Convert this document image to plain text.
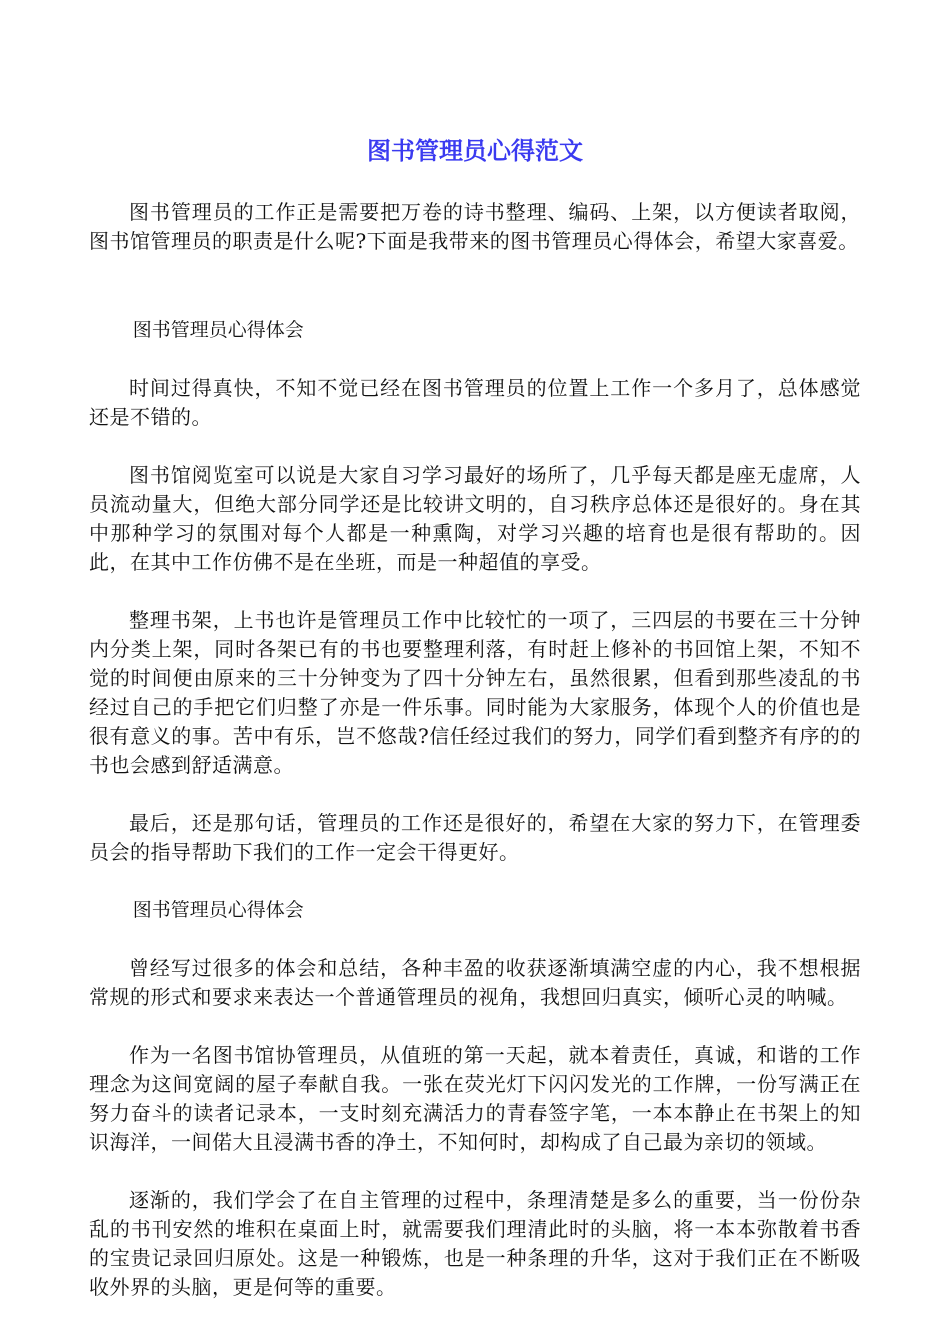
图书管理员心得范文

图书管理员的工作正是需要把万卷的诗书整理、编码、上架，以方便读者取阅，图书馆管理员的职责是什么呢?下面是我带来的图书管理员心得体会，希望大家喜爱。

图书管理员心得体会

时间过得真快，不知不觉已经在图书管理员的位置上工作一个多月了，总体感觉还是不错的。

图书馆阅览室可以说是大家自习学习最好的场所了，几乎每天都是座无虚席，人员流动量大，但绝大部分同学还是比较讲文明的，自习秩序总体还是很好的。身在其中那种学习的氛围对每个人都是一种熏陶，对学习兴趣的培育也是很有帮助的。因此，在其中工作仿佛不是在坐班，而是一种超值的享受。

整理书架，上书也许是管理员工作中比较忙的一项了，三四层的书要在三十分钟内分类上架，同时各架已有的书也要整理利落，有时赶上修补的书回馆上架，不知不觉的时间便由原来的三十分钟变为了四十分钟左右，虽然很累，但看到那些凌乱的书经过自己的手把它们归整了亦是一件乐事。同时能为大家服务，体现个人的价值也是很有意义的事。苦中有乐，岂不悠哉?信任经过我们的努力，同学们看到整齐有序的的书也会感到舒适满意。

最后，还是那句话，管理员的工作还是很好的，希望在大家的努力下，在管理委员会的指导帮助下我们的工作一定会干得更好。

图书管理员心得体会

曾经写过很多的体会和总结，各种丰盈的收获逐渐填满空虚的内心，我不想根据常规的形式和要求来表达一个普通管理员的视角，我想回归真实，倾听心灵的呐喊。

作为一名图书馆协管理员，从值班的第一天起，就本着责任，真诚，和谐的工作理念为这间宽阔的屋子奉献自我。一张在荧光灯下闪闪发光的工作牌，一份写满正在努力奋斗的读者记录本，一支时刻充满活力的青春签字笔，一本本静止在书架上的知识海洋，一间偌大且浸满书香的净土，不知何时，却构成了自己最为亲切的领域。

逐渐的，我们学会了在自主管理的过程中，条理清楚是多么的重要，当一份份杂乱的书刊安然的堆积在桌面上时，就需要我们理清此时的头脑，将一本本弥散着书香的宝贵记录回归原处。这是一种锻炼，也是一种条理的升华，这对于我们正在不断吸收外界的头脑，更是何等的重要。
